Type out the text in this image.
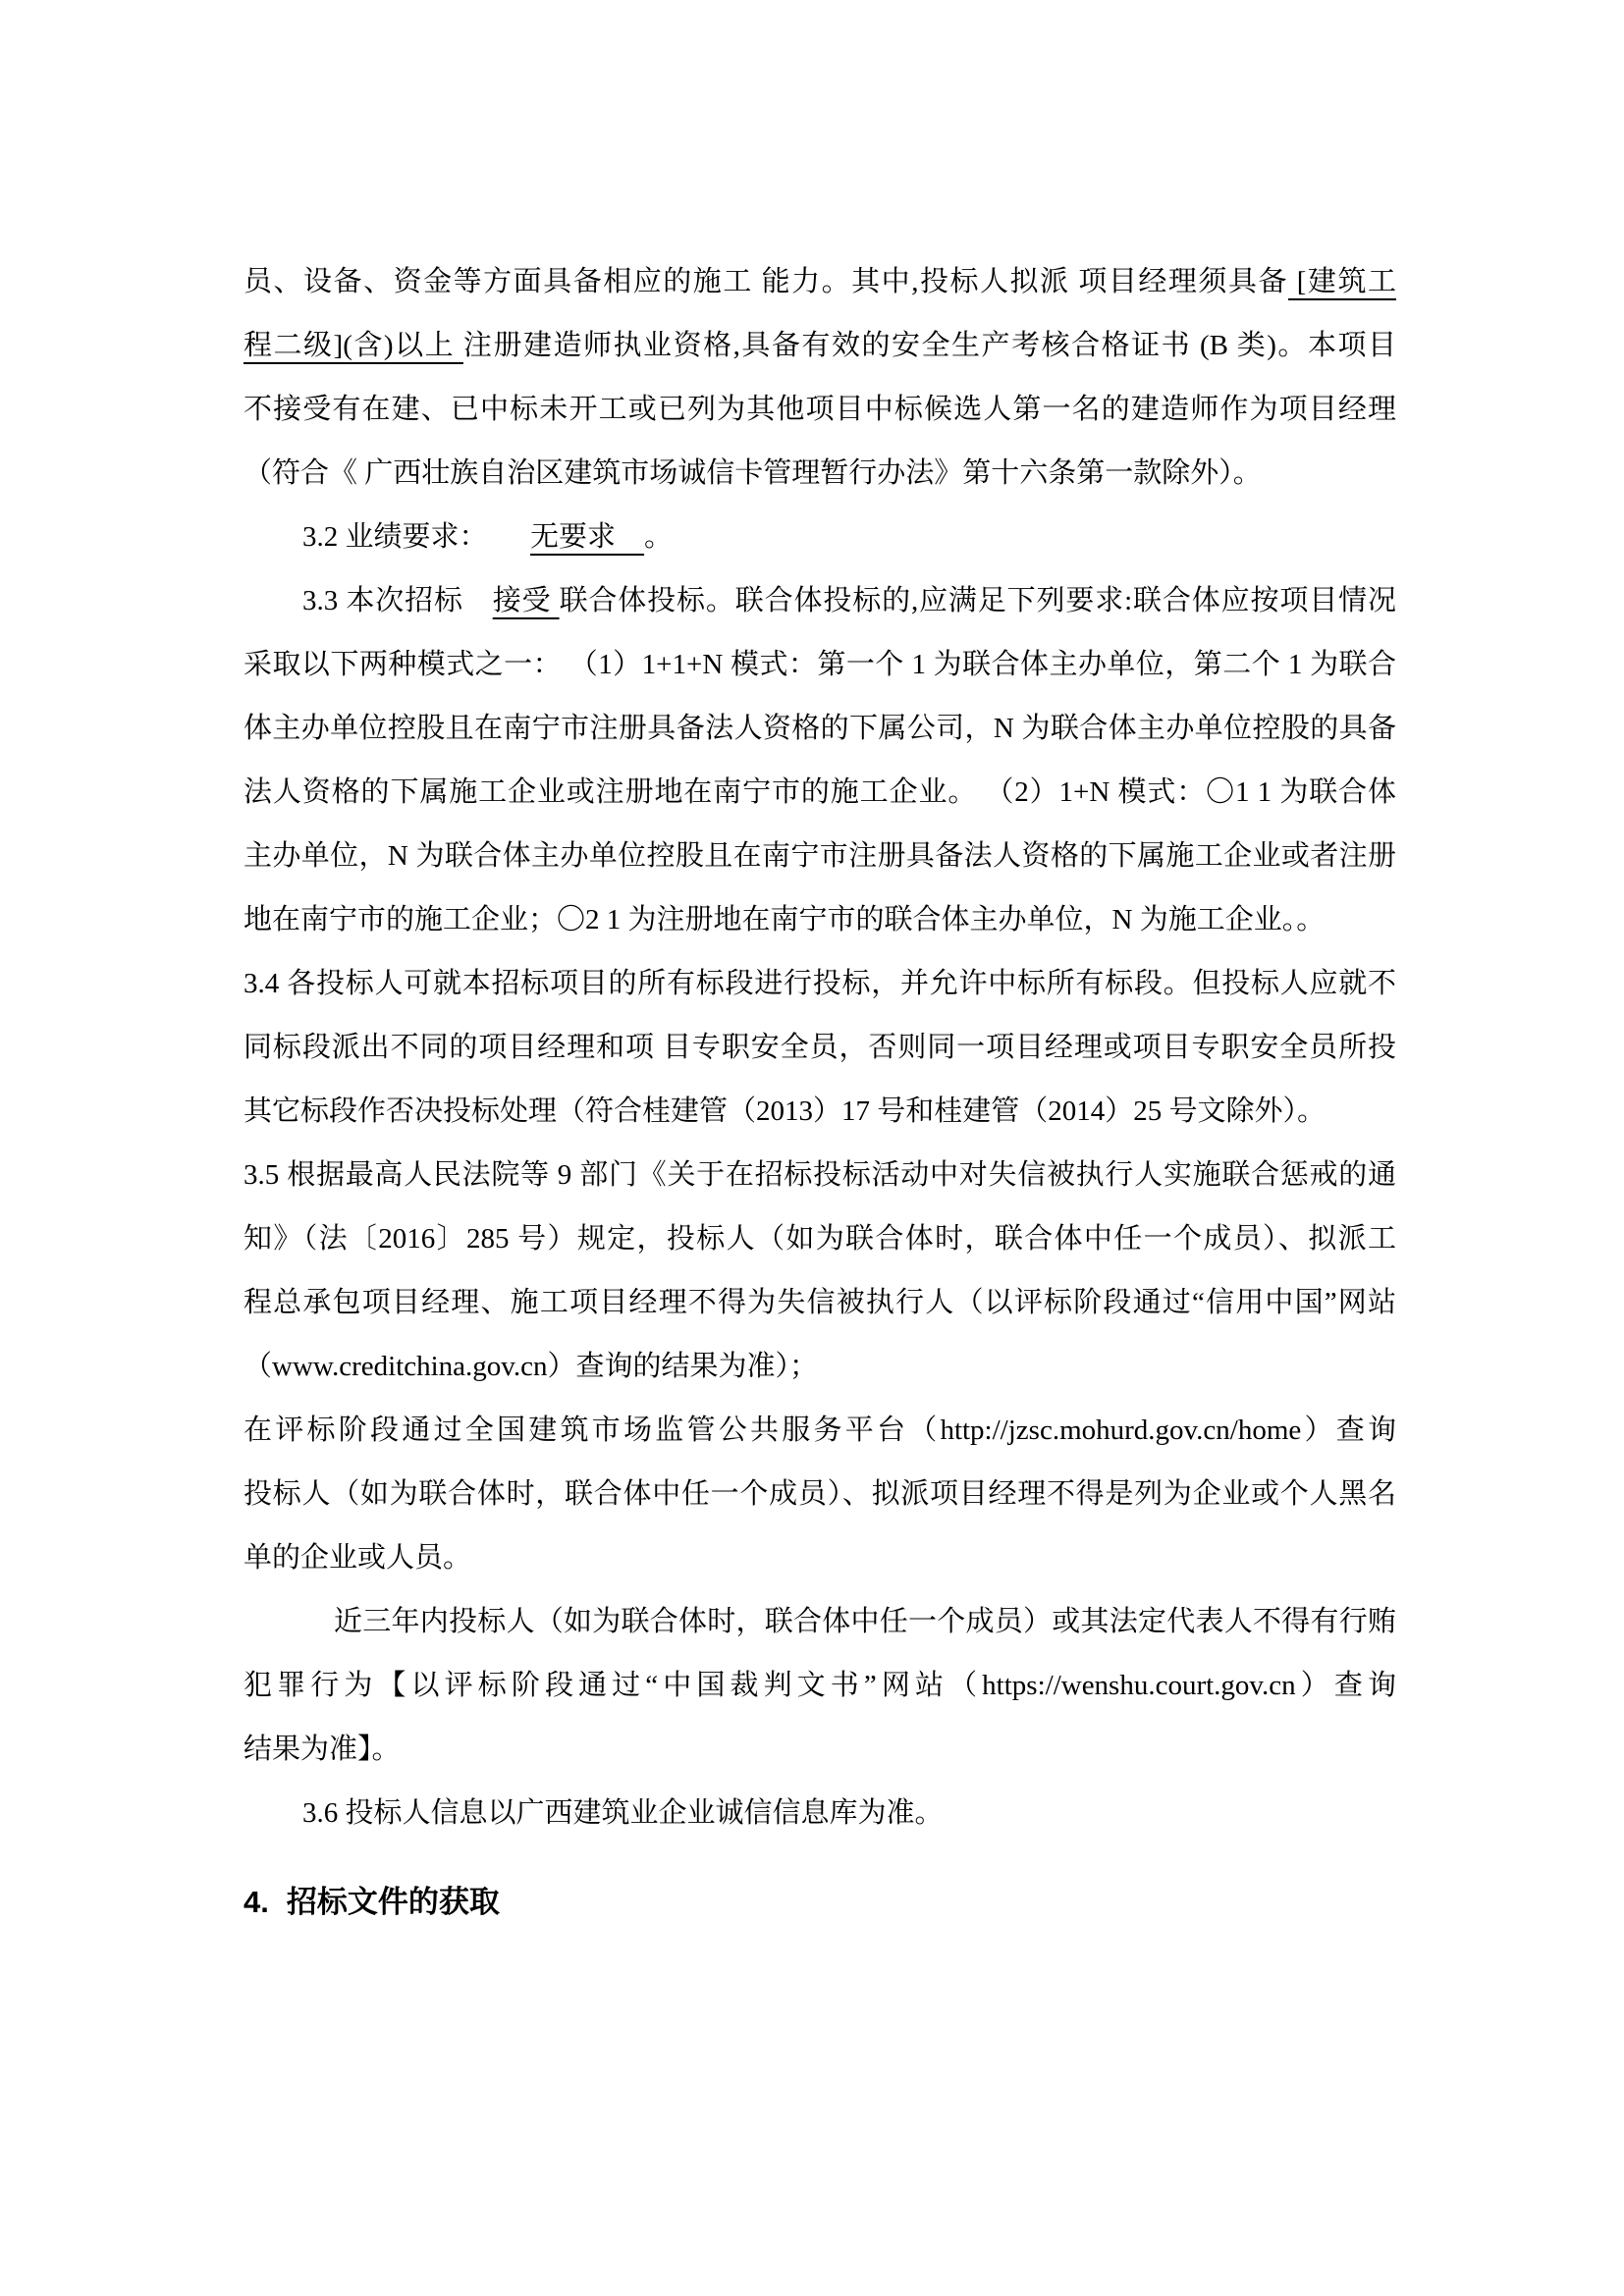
员、设备、资金等方面具备相应的施工 能力。其中,投标人拟派 项目经理须具备 [建筑工
程二级](含)以上 注册建造师执业资格,具备有效的安全生产考核合格证书 (B 类)。本项目
不接受有在建、已中标未开工或已列为其他项目中标候选人第一名的建造师作为项目经理
（符合《 广西壮族自治区建筑市场诚信卡管理暂行办法》第十六条第一款除外）。
3.2 业绩要求：　　无要求　。
3.3 本次招标　接受 联合体投标。联合体投标的,应满足下列要求:联合体应按项目情况
采取以下两种模式之一： （1）1+1+N 模式：第一个 1 为联合体主办单位，第二个 1 为联合
体主办单位控股且在南宁市注册具备法人资格的下属公司，N 为联合体主办单位控股的具备
法人资格的下属施工企业或注册地在南宁市的施工企业。 （2）1+N 模式：〇1 1 为联合体
主办单位，N 为联合体主办单位控股且在南宁市注册具备法人资格的下属施工企业或者注册
地在南宁市的施工企业；〇2 1 为注册地在南宁市的联合体主办单位，N 为施工企业。。
3.4 各投标人可就本招标项目的所有标段进行投标，并允许中标所有标段。但投标人应就不
同标段派出不同的项目经理和项 目专职安全员，否则同一项目经理或项目专职安全员所投
其它标段作否决投标处理（符合桂建管（2013）17 号和桂建管（2014）25 号文除外）。
3.5 根据最高人民法院等 9 部门《关于在招标投标活动中对失信被执行人实施联合惩戒的通
知》（法〔2016〕285 号）规定，投标人（如为联合体时，联合体中任一个成员）、拟派工
程总承包项目经理、施工项目经理不得为失信被执行人（以评标阶段通过“信用中国”网站
（www.creditchina.gov.cn）查询的结果为准）；
在评标阶段通过全国建筑市场监管公共服务平台（http://jzsc.mohurd.gov.cn/home）查询
投标人（如为联合体时，联合体中任一个成员）、拟派项目经理不得是列为企业或个人黑名
单的企业或人员。
近三年内投标人（如为联合体时，联合体中任一个成员）或其法定代表人不得有行贿
犯罪行为【以评标阶段通过“中国裁判文书”网站（https://wenshu.court.gov.cn）查询
结果为准】。
3.6 投标人信息以广西建筑业企业诚信信息库为准。
4. 招标文件的获取
